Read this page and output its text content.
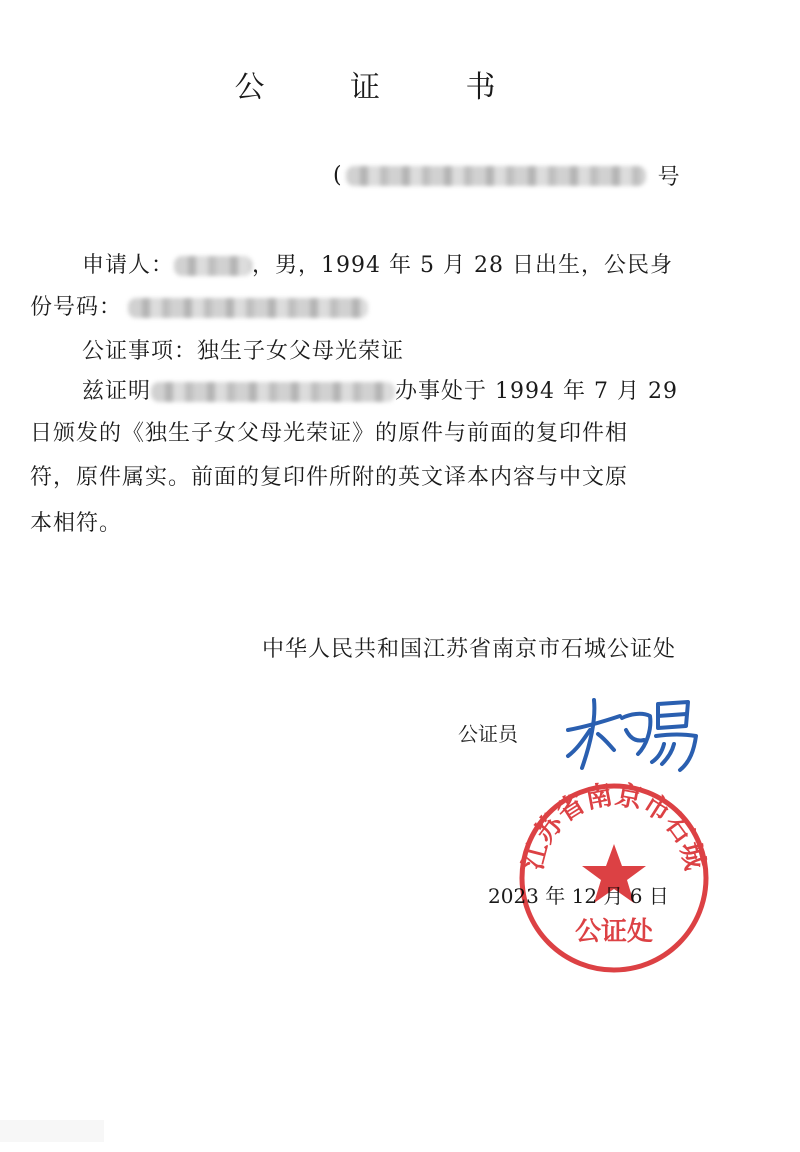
公 证 书
(	号
申请人：	，男，1994 年 5 月 28 日出生，公民身
份号码：
公证事项：独生子女父母光荣证
兹证明	办事处于 1994 年 7 月 29
日颁发的《独生子女父母光荣证》的原件与前面的复印件相
符，原件属实。前面的复印件所附的英文译本内容与中文原
本相符。
中华人民共和国江苏省南京市石城公证处
公证员
2023 年 12 月 6 日
江苏省南京市石城
公证处
